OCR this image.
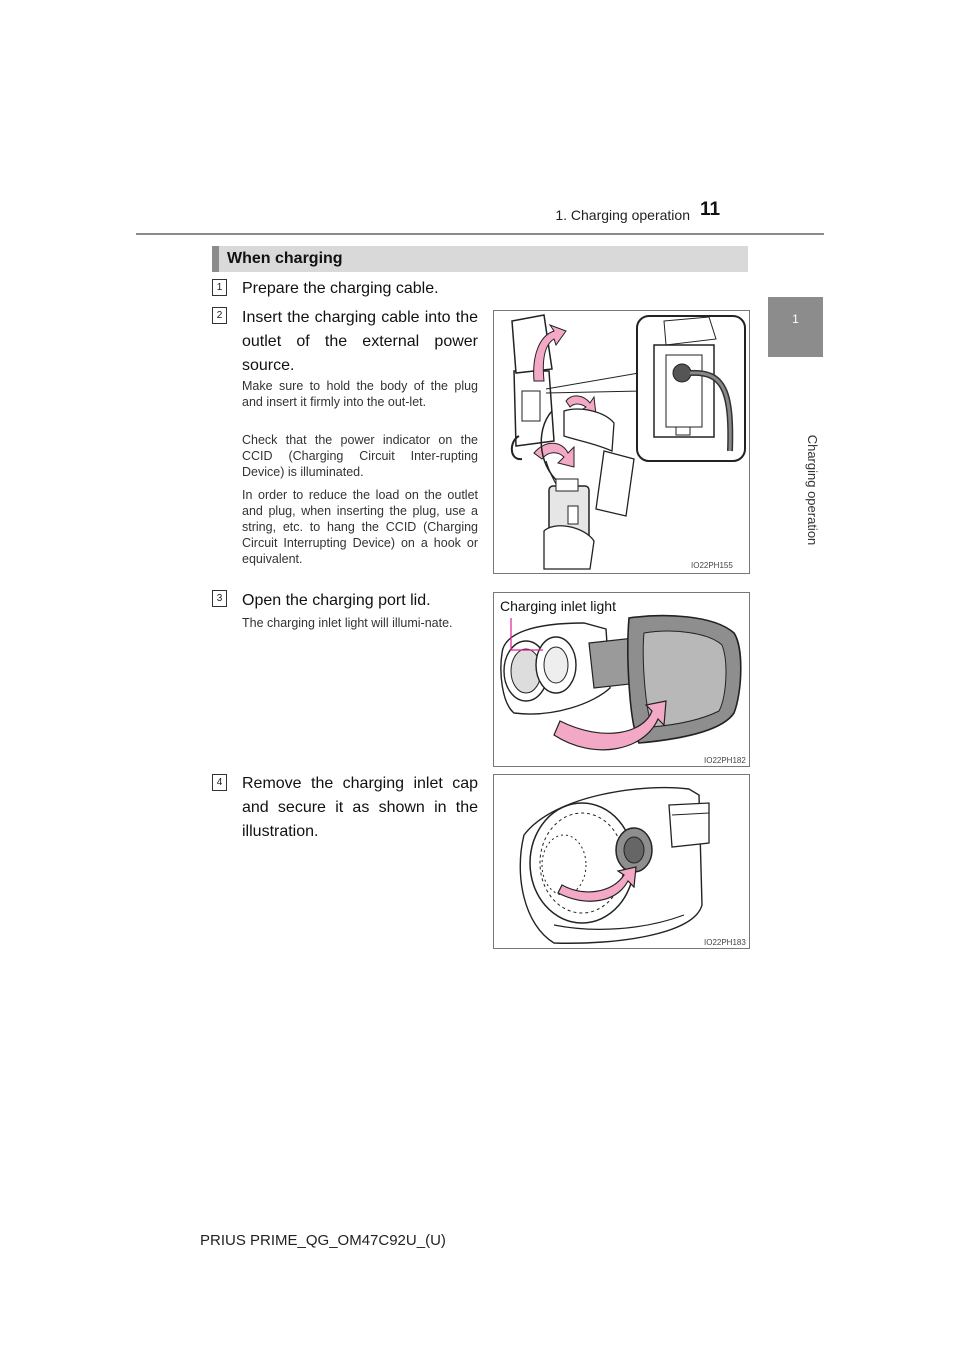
1. Charging operation 11
1
Charging operation
When charging
1 Prepare the charging cable.
2 Insert the charging cable into the outlet of the external power source.
Make sure to hold the body of the plug and insert it firmly into the out-let.
Check that the power indicator on the CCID (Charging Circuit Inter-rupting Device) is illuminated.
In order to reduce the load on the outlet and plug, when inserting the plug, use a string, etc. to hang the CCID (Charging Circuit Interrupting Device) on a hook or equivalent.	IO22PH155
3 Open the charging port lid.
The charging inlet light will illumi-nate.
Charging inlet light
IO22PH182
4 Remove the charging inlet cap and secure it as shown in the illustration.
IO22PH183
PRIUS PRIME_QG_OM47C92U_(U)
